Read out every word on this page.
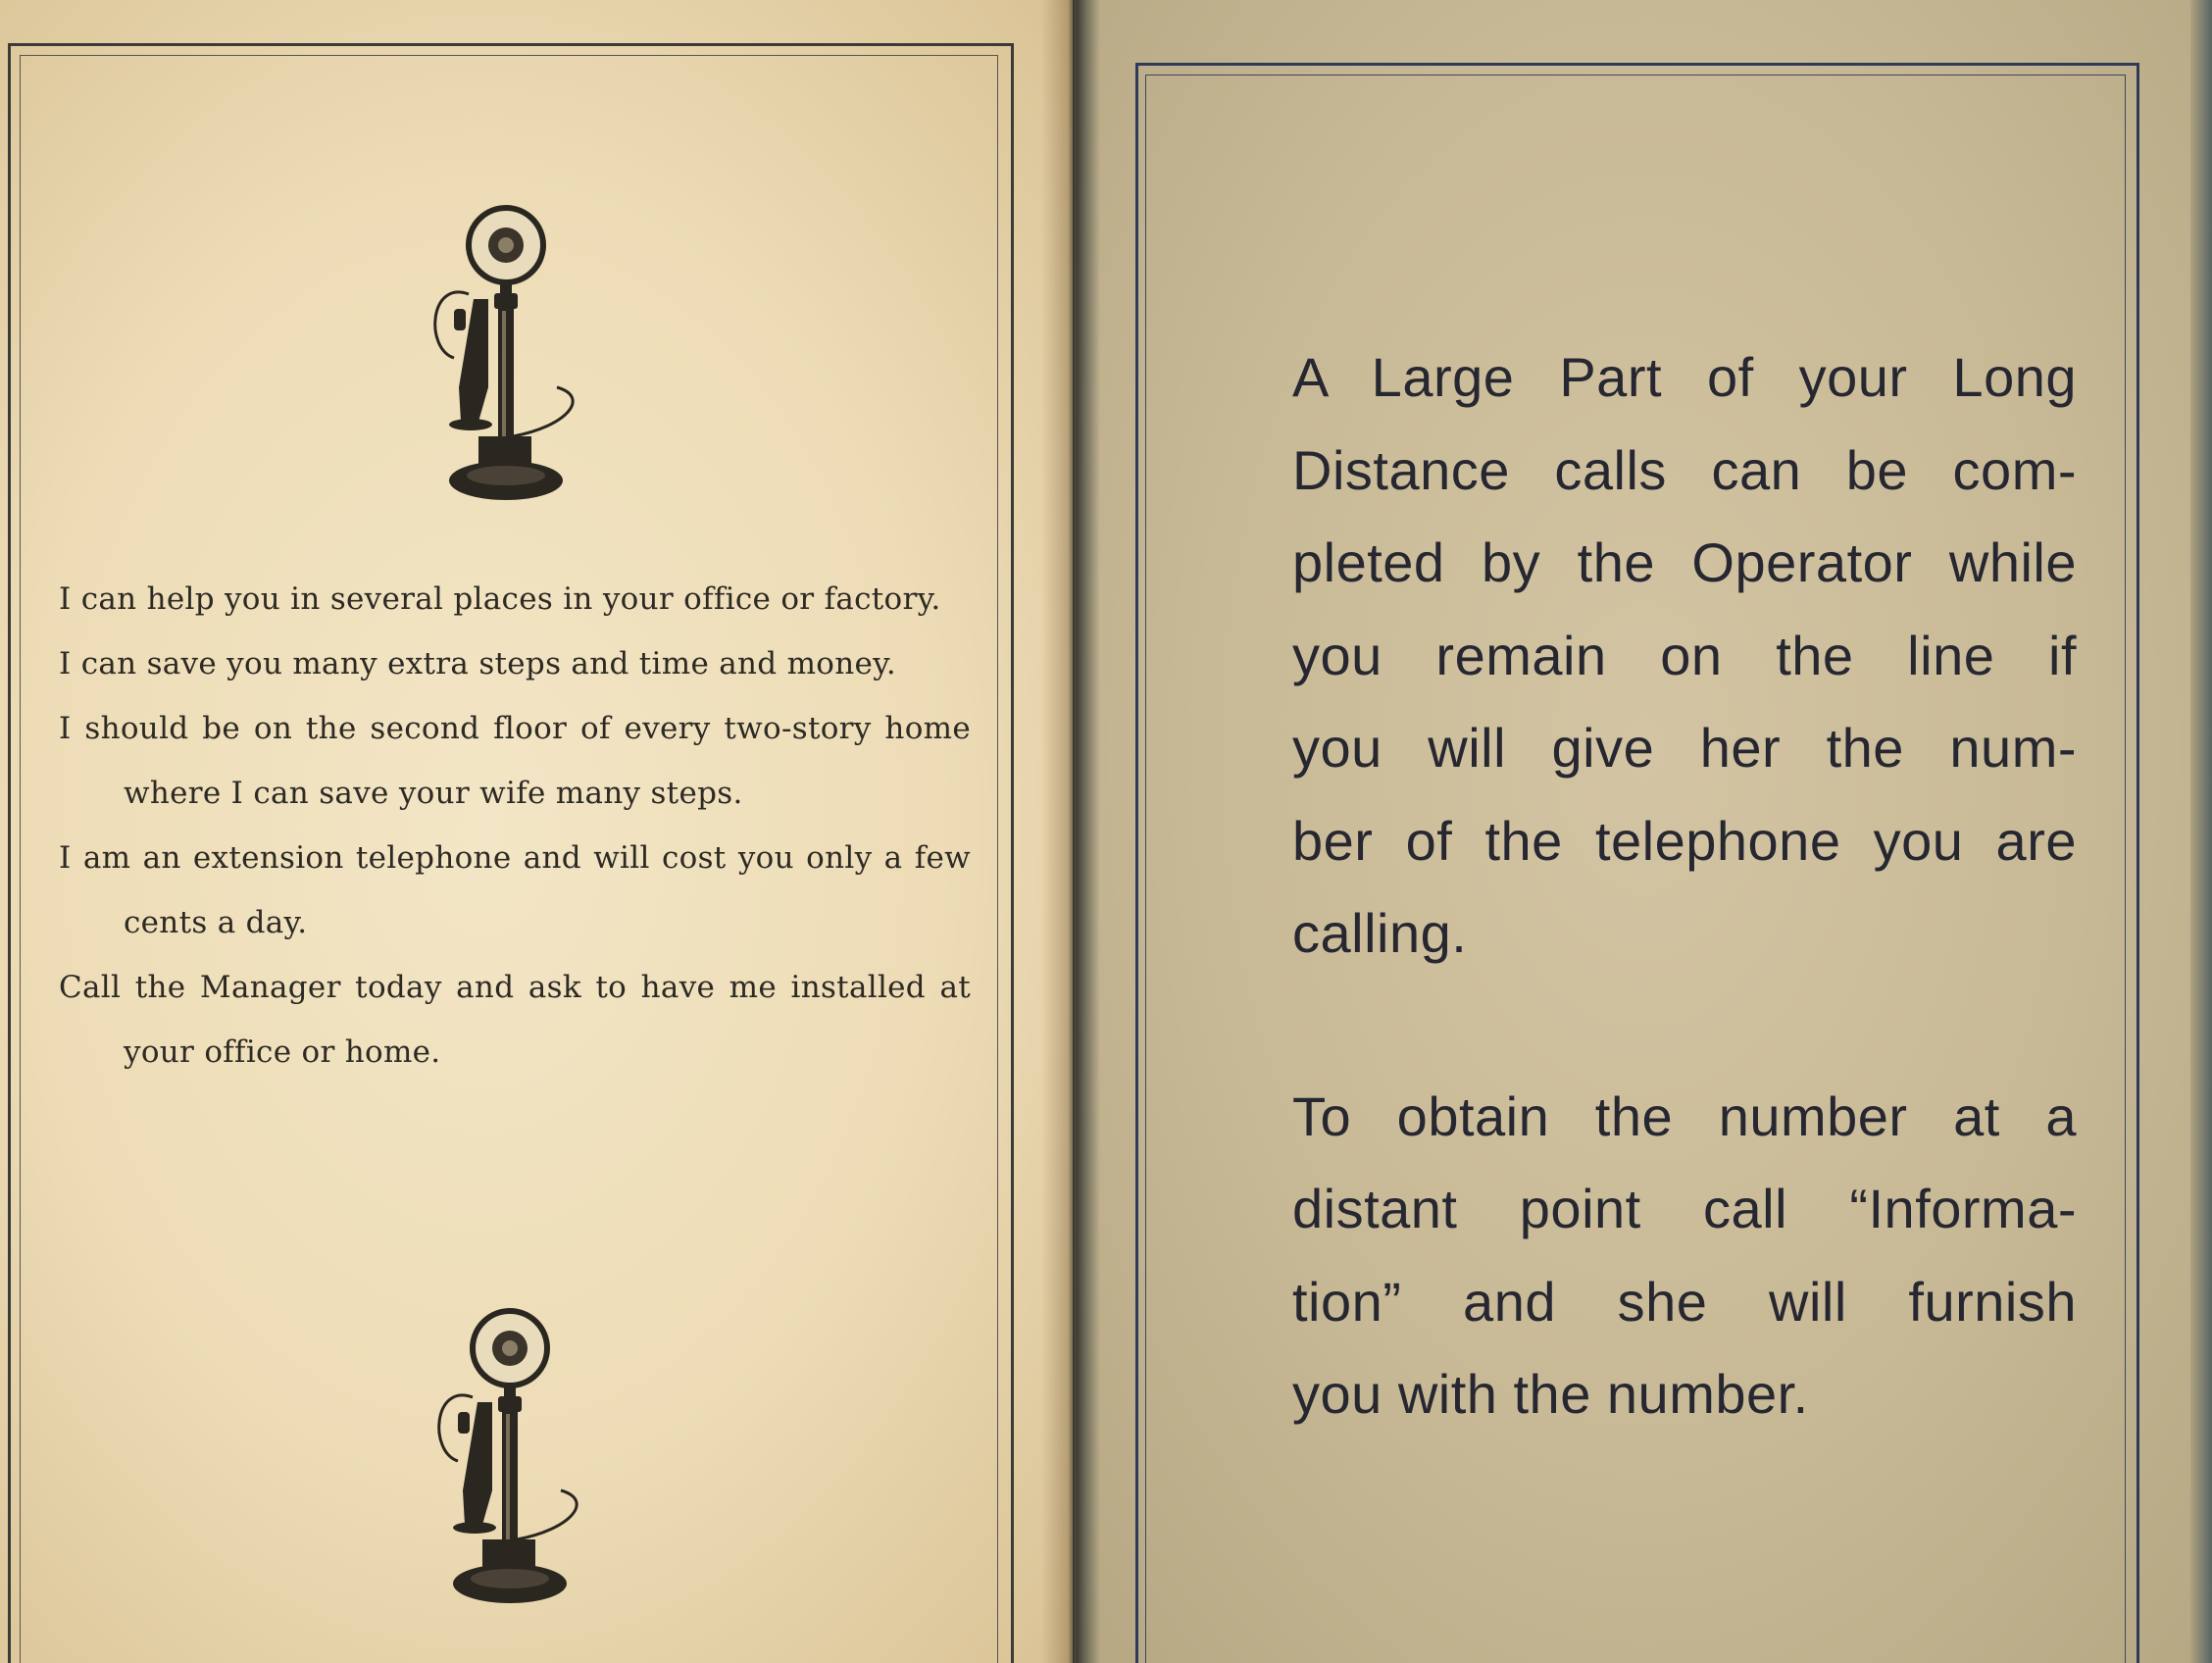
I can help you in several places in your office or factory.

I can save you many extra steps and time and money.

I should be on the second floor of every two-story home
where I can save your wife many steps.

I am an extension telephone and will cost you only a few
cents a day.

Call the Manager today and ask to have me installed at
your office or home.

A Large Part of your Long
Distance calls can be com-
pleted by the Operator while
you remain on the line if
you will give her the num-
ber of the telephone you are
calling.
To obtain the number at a
distant point call “Informa-
tion” and she will furnish
you with the number.
